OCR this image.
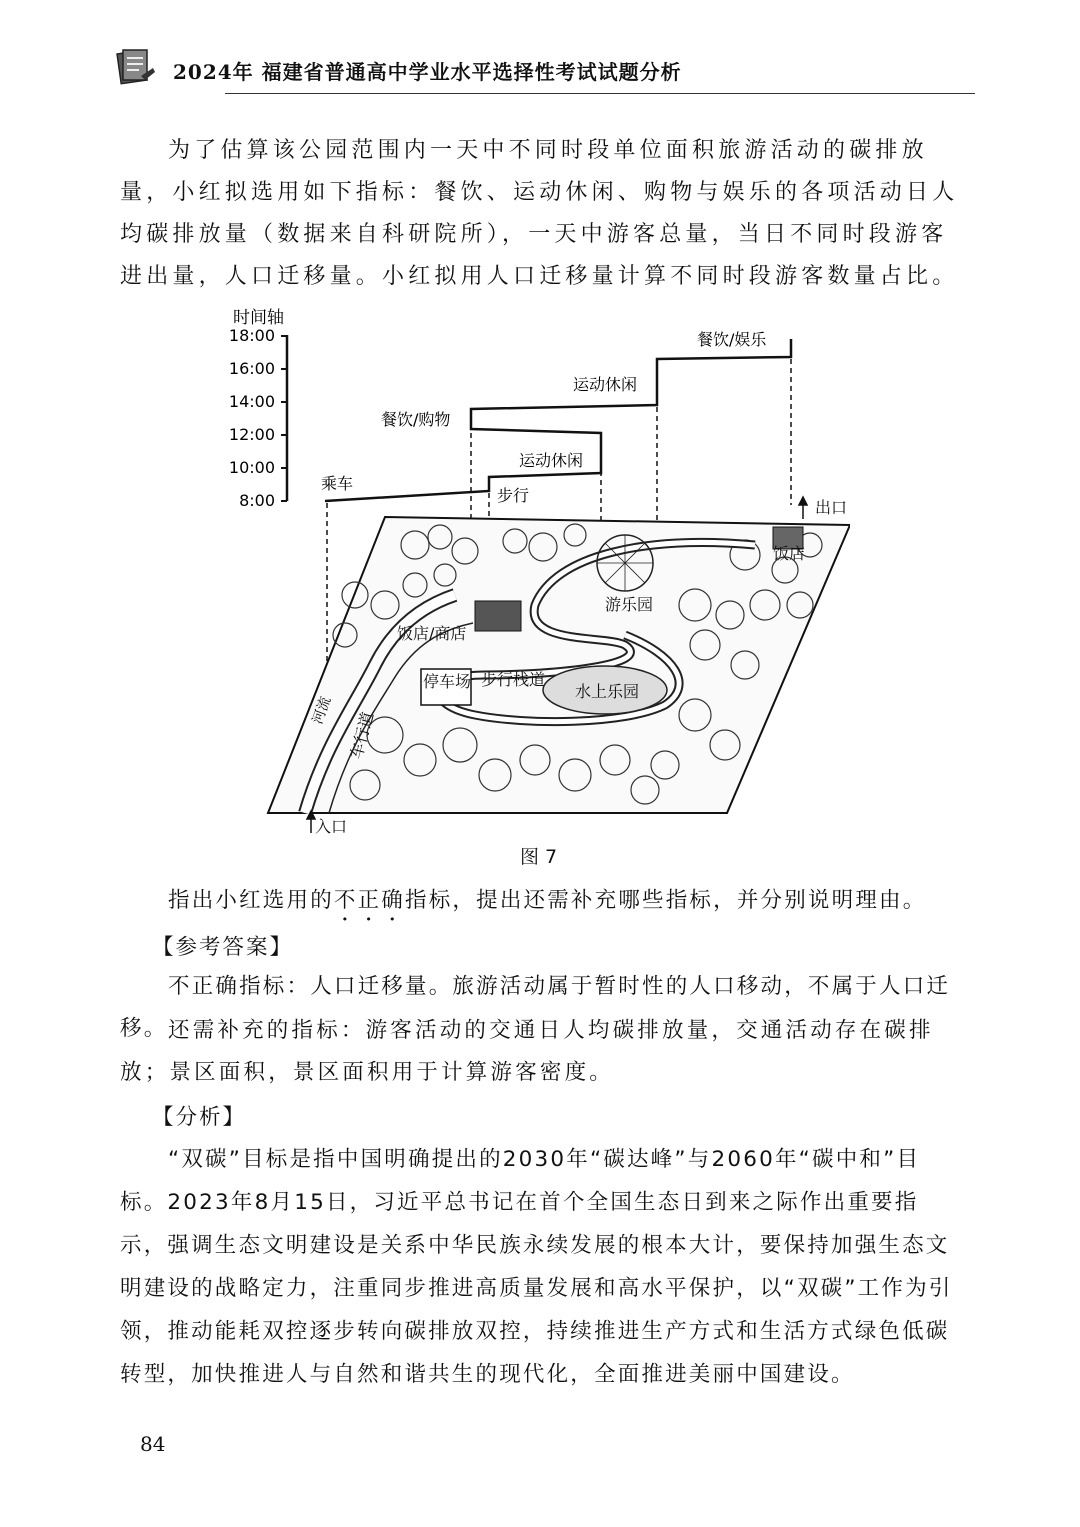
2024年 福建省普通高中学业水平选择性考试试题分析

为了估算该公园范围内一天中不同时段单位面积旅游活动的碳排放量，小红拟选用如下指标：餐饮、运动休闲、购物与娱乐的各项活动日人均碳排放量（数据来自科研院所），一天中游客总量，当日不同时段游客进出量，人口迁移量。小红拟用人口迁移量计算不同时段游客数量占比。

时间轴
18:00
16:00
14:00
12:00
10:00
8:00
乘车
步行
运动休闲
餐饮/购物
运动休闲
餐饮/娱乐
出口
饭店
游乐园
饭店/商店
停车场 步行栈道
水上乐园
河流 车行道
入口
图 7

指出小红选用的不正确指标，提出还需补充哪些指标，并分别说明理由。

【参考答案】

不正确指标：人口迁移量。旅游活动属于暂时性的人口移动，不属于人口迁移。 还需补充的指标：游客活动的交通日人均碳排放量，交通活动存在碳排放；景区面积，景区面积用于计算游客密度。

【分析】

“双碳”目标是指中国明确提出的2030年“碳达峰”与2060年“碳中和”目标。2023年8月15日，习近平总书记在首个全国生态日到来之际作出重要指示，强调生态文明建设是关系中华民族永续发展的根本大计，要保持加强生态文明建设的战略定力，注重同步推进高质量发展和高水平保护，以“双碳”工作为引领，推动能耗双控逐步转向碳排放双控，持续推进生产方式和生活方式绿色低碳转型，加快推进人与自然和谐共生的现代化，全面推进美丽中国建设。

84
